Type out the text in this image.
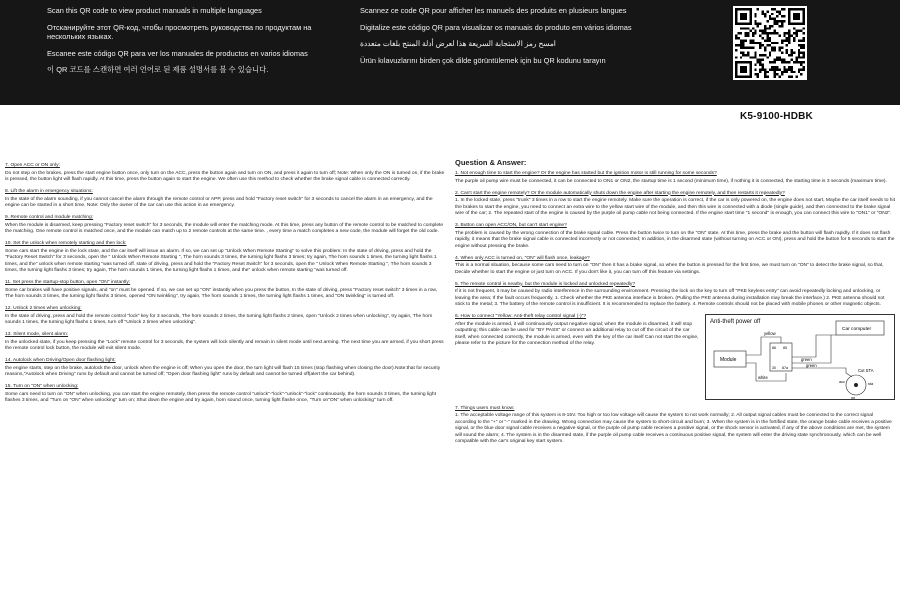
Scan this QR code to view product manuals in multiple languages

Отсканируйте этот QR-код, чтобы просмотреть руководства по продуктам на нескольких языках.

Escanee este código QR para ver los manuales de productos en varios idiomas

이 QR 코드를 스캔하면 여러 언어로 된 제품 설명서를 볼 수 있습니다.

Scannez ce code QR pour afficher les manuels des produits en plusieurs langues

Digitalize este código QR para visualizar os manuais do produto em vários idiomas

امسح رمز الاستجابة السريعة هذا لعرض أدلة المنتج بلغات متعددة

Ürün kılavuzlarını birden çok dilde görüntülemek için bu QR kodunu tarayın

K5-9100-HDBK
7. Open ACC or ON only:
Do not step on the brakes, press the start engine button once, only turn on the ACC, press the button again and turn on ON, and press it again to turn off; Note: When only the ON is turned on, if the brake is pressed, the button light will flash rapidly. At this time, press the button again to start the engine. We often use this method to check whether the brake signal cable is connected correctly.
8. Lift the alarm in emergency situations:
In the state of the alarm sounding, if you cannot cancel the alarm through the remote control or APP, press and hold "Factory reset switch" for 3 seconds to cancel the alarm in an emergency, and the engine can be started in a short time. Note: Only the owner of the car can use this action in an emergency.
9. Remote control and module matching:
When the module is disarmed, keep pressing "Factory reset switch" for 3 seconds, the module will enter the matching mode. At this time, press any button of the remote control to be matched to complete the matching. One remote control is matched once, and the module can match up to 2 remote controls at the same time. , every time a match completes a new code, the module will forget the old code.
10. Set the unlock when remotely starting and then lock:
Some cars start the engine in the lock state, and the car itself will issue an alarm. If so, we can set up "Unlock When Remote Starting" to solve this problem: In the state of driving, press and hold the "Factory Reset Switch" for 3 seconds, open the " Unlock When Remote Starting ", The horn sounds 3 times, the turning light flashs 3 times; try again, The horn sounds 1 times, the turning light flashs 1 times, and the" unlock when remote starting "was turned off. state of driving, press and hold the "Factory Reset Switch" for 3 seconds, open the " Unlock When Remote Starting ", The horn sounds 3 times, the turning light flashs 3 times; try again, The horn sounds 1 times, the turning light flashs 1 times, and the" unlock when remote starting "was turned off.
11. Set press the startup-stop button, open "ON" instantly:
Some car brakes will have positive signals, and "on" must be opened. If so, we can set up "ON" instantly when you press the button, In the state of driving, press "Factory reset switch" 3 times in a row, The horn sounds 3 times, the turning light flashs 3 times, opened "ON twinkling", try again, The horn sounds 1 times, the turning light flashs 1 times, and "ON twinkling" is turned off.
12. Unlock 2 times when unlocking:
In the state of driving, press and hold the remote control "lock" key for 3 seconds, The horn sounds 2 times, the turning light flashs 2 times, open "Unlock 2 times when unlocking", try again, The horn sounds 1 times, the turning light flashs 1 times, turn off "Unlock 2 times when unlocking".
13. Silent mode, silent alarm:
In the unlocked state, if you keep pressing the "Lock" remote control for 3 seconds, the system will lock silently and remain in silent mode until next arming. The next time you are armed, if you short press the remote control lock button, the module will exit silent mode.
14. Autolock when Driving/Open door flashing light:
the engine starts, step on the brake, autolock the door, unlock when the engine is off; When you open the door, the turn light will flash 15 times (stop flashing when closing the door).Note:that for security reasons,"Autolock when Driving" runs by default and cannot be turned off; "Open door flashing light" runs by default and cannot be turned off(alert the car behind).
15. Turn on "ON" when unlocking:
Some cars need to turn on "ON" when unlocking, you can start the engine remotely, then press the remote control "unlock"-"lock"-"unlock"-"lock" continuously, the horn sounds 3 times, the turning light flashes 3 times, and "Turn on "ON" when unlocking" turn on; Shut down the engine and try again, horn sound once, turning light flashe once, "Turn on"ON" when unlocking" turn off.
Question & Answer:
1. Not enough time to start the engine? Or the engine has started but the ignition motor is still running for some seconds?
The purple oil pump wire must be connected, it can be connected to ON1 or ON2, the startup time is 1 second (minimum time), if nothing it is connected, the starting time is 3 seconds (maximum time).
2. Can't start the engine remotely? Or the module automatically shuts down the engine after starting the engine remotely, and then restarts it repeatedly?
1. In the locked state, press "trunk" 3 times in a row to start the engine remotely. Make sure the operation is correct, if the car is only powered on, the engine does not start, Maybe the car itself needs to hit the brakes to start the engine, you need to connect an extra wire to the yellow start wire of the module, and then this wire is connected with a diode (single guide), and then connected to the brake signal wire of the car; 2. The repeated start of the engine is caused by the purple oil pump cable not being connected. If the engine start time "1 second" is enough, you can connect this wire to "ON1" or "ON2".
3. Button can open ACC/ON, but can't start engine?
The problem is caused by the wrong connection of the brake signal cable. Press the button twice to turn on the "ON" state. At this time, press the brake and the button will flash rapidly. If it does not flash rapidly, it means that the brake signal cable is connected incorrectly or not connected; In addition, in the disarmed state (without turning on ACC or ON), press and hold the button for 5 seconds to start the engine without pressing the brake.
4. When only ACC is turned on, "ON" will flash once, leakage?
This is a normal situation, because some cars need to turn on "ON" then it has a brake signal, so when the button is pressed for the first time, we must turn on "ON" to detect the brake signal, so that, Decide whether to start the engine or just turn on ACC. If you don't like it, you can turn off this feature via settings.
5. The remote control is nearby, but the module is locked and unlocked repeatedly?
If it is not frequent, it may be caused by radio interference in the surrounding environment. Pressing the lock on the key to turn off "PKE keyless entry" can avoid repeatedly locking and unlocking, or leaving the area; If the fault occurs frequently, 1. Check whether the PKE antenna interface is broken. (Pulling the PKE antenna during installation may break the interface.) 2. PKE antenna should not stick to the metal; 3. The battery of the remote control is insufficient. It is recommended to replace the battery. 4. Remote controls should not be placed with mobile phones or other magnetic objects.
6. How to connect "Yellow: Anti-theft relay control signal (-)"?
After the module is armed, it will continuously output negative signal; when the module is disarmed, it will stop outputting; this cable can be used for "BY PASS" or connect an additional relay to cut off the circuit of the car itself, when connected correctly, the module is armed, even with the key of the car itself Can not start the engine, please refer to the picture for the connection method of the relay.
Anti-theft power off
Module
Car computer
86 85
30 87a
yellow
green
green
Cut STA
white
acc
on
sta
7. Things users must know:
1. The acceptable voltage range of this system is 8-15V. Too high or too low voltage will cause the system to not work normally; 2. All output signal cables must be connected to the correct signal according to the "+" or "-" marked in the drawing. Wrong connection may cause the system to short-circuit and burn; 3. When the system is in the fortified state, the orange brake cable receives a positive signal, or the blue door signal cable receives a negative signal, or the purple oil pump cable receives a positive signal, or the shock sensor is activated, if any of the above conditions are met, the system will sound the alarm; 4. The system is in the disarmed state, if the purple oil pump cable receives a continuous positive signal, the system will enter the driving state synchronously, which can be well compatible with the car's original key start system.
